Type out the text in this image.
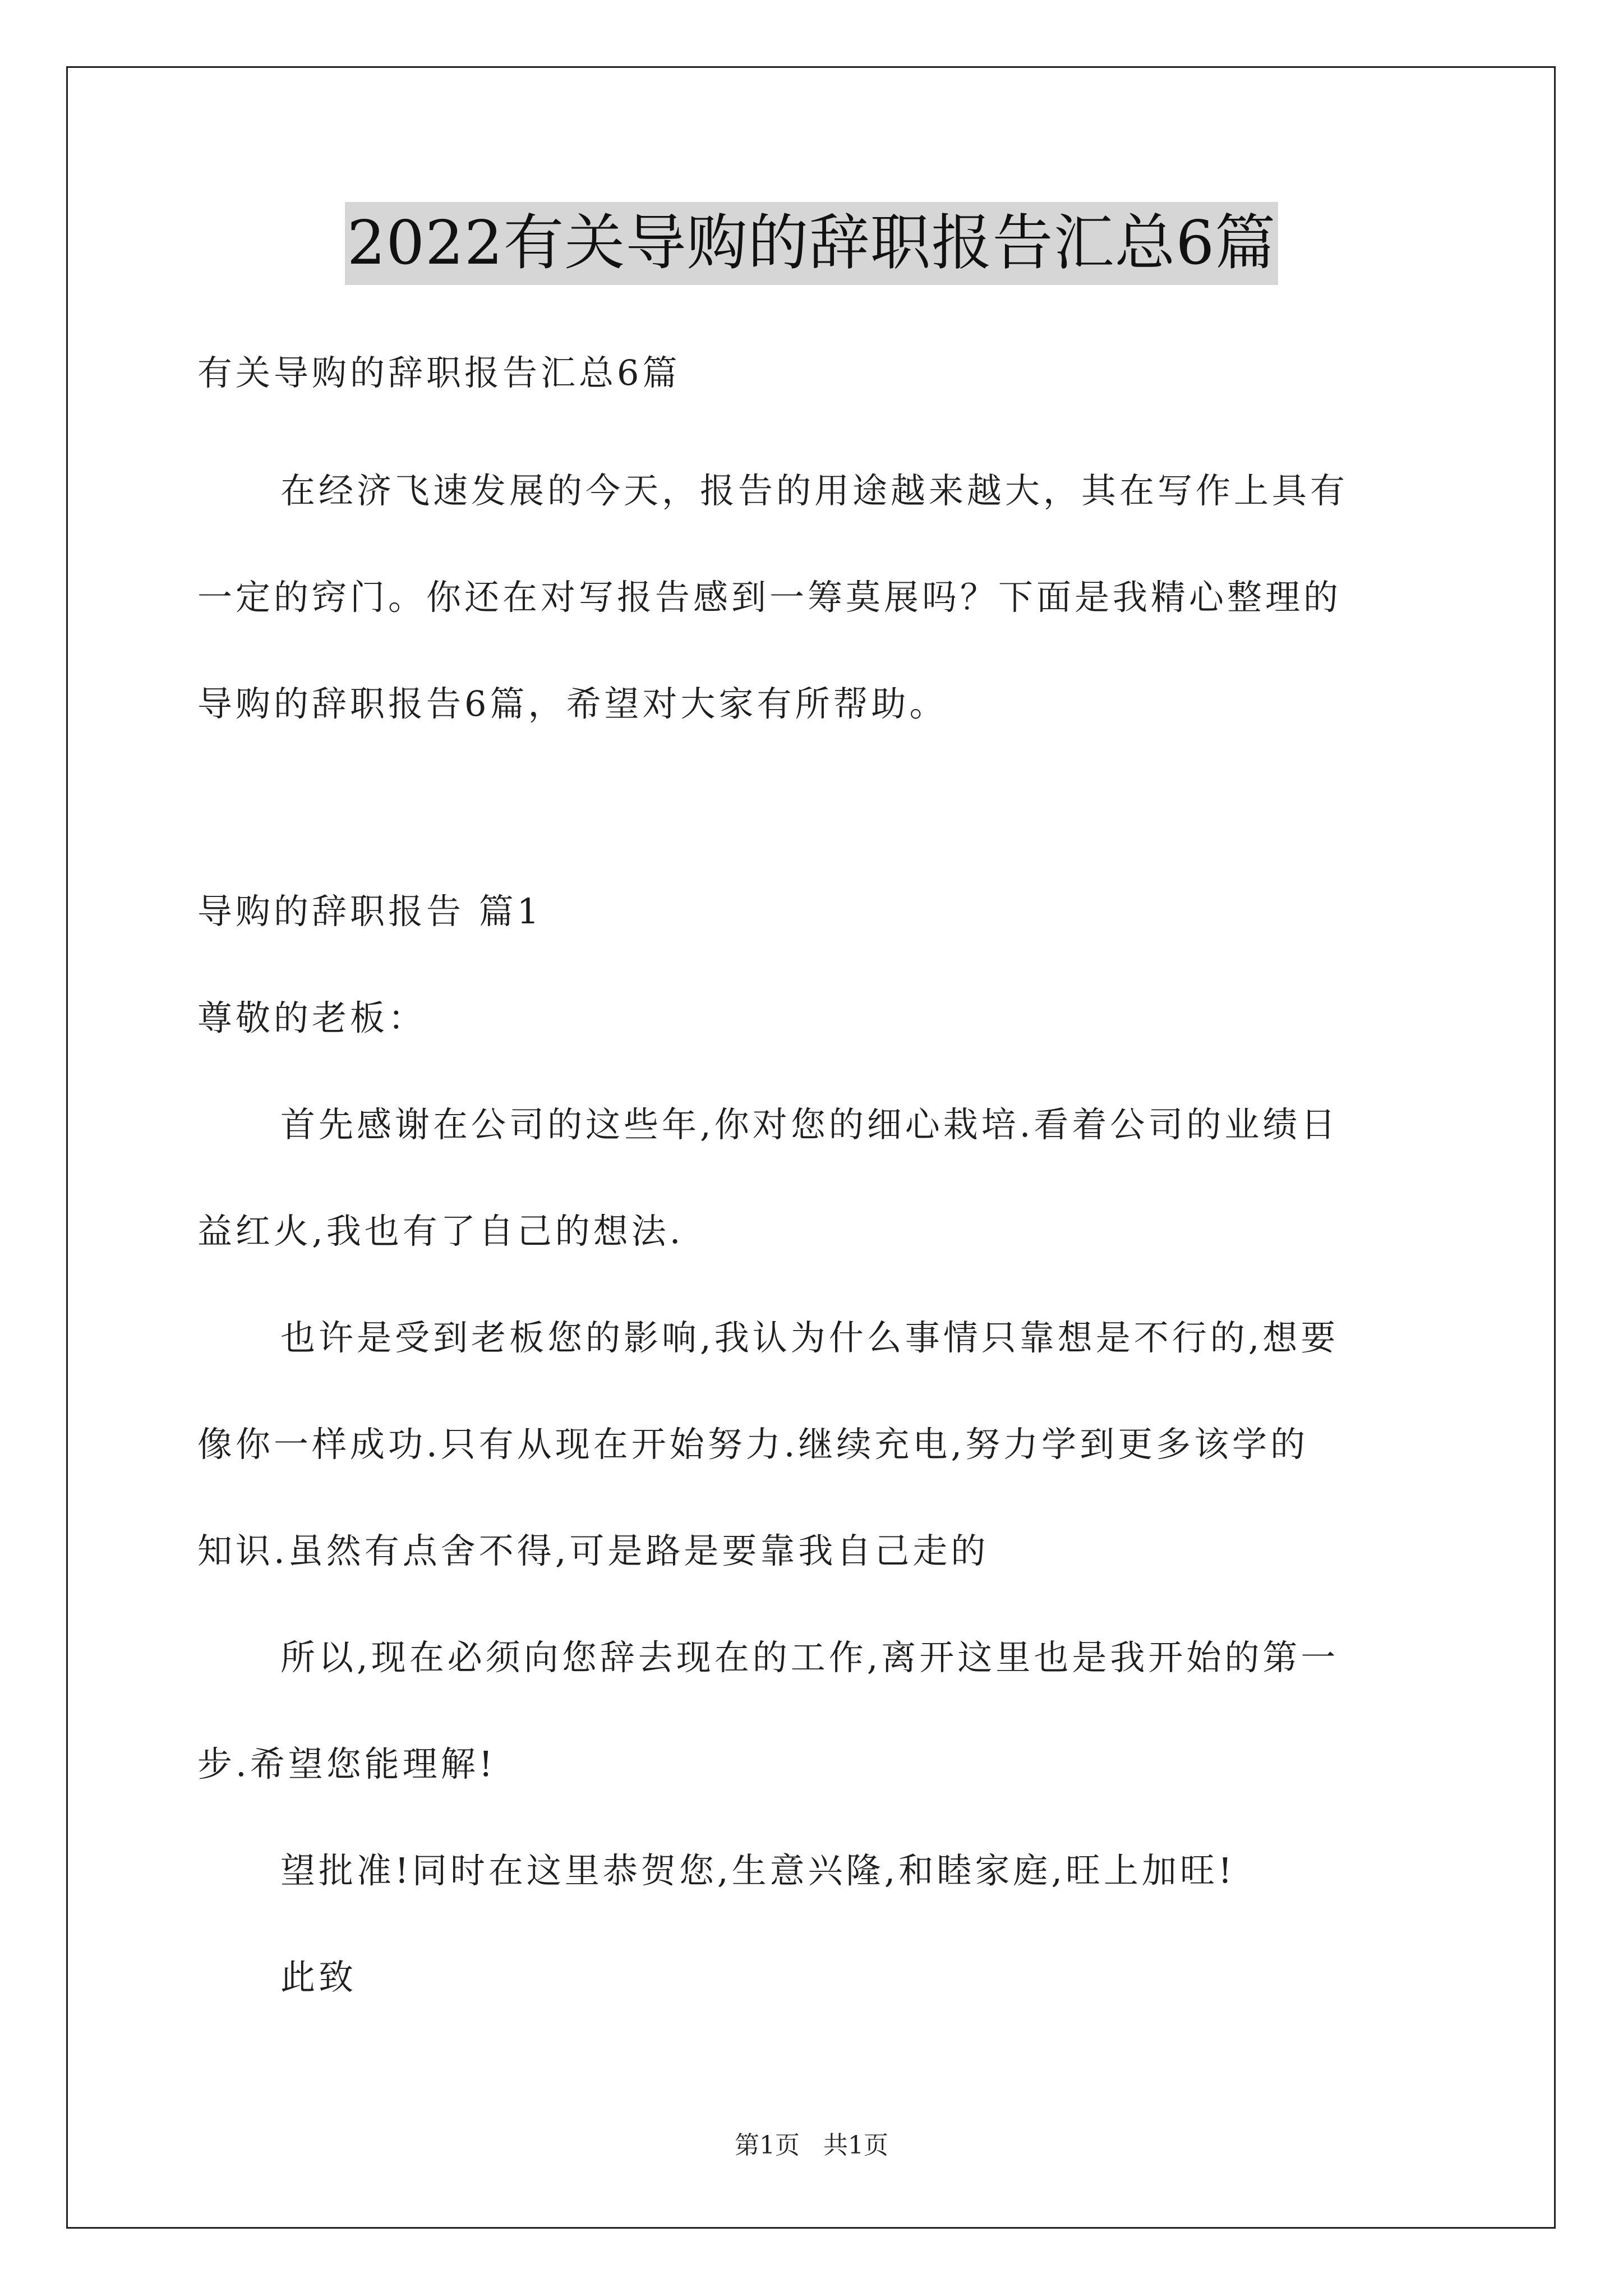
2022有关导购的辞职报告汇总6篇
有关导购的辞职报告汇总6篇
在经济飞速发展的今天，报告的用途越来越大，其在写作上具有
一定的窍门。你还在对写报告感到一筹莫展吗？下面是我精心整理的
导购的辞职报告6篇，希望对大家有所帮助。
导购的辞职报告 篇1
尊敬的老板：
首先感谢在公司的这些年,你对您的细心栽培.看着公司的业绩日
益红火,我也有了自己的想法.
也许是受到老板您的影响,我认为什么事情只靠想是不行的,想要
像你一样成功.只有从现在开始努力.继续充电,努力学到更多该学的
知识.虽然有点舍不得,可是路是要靠我自己走的
所以,现在必须向您辞去现在的工作,离开这里也是我开始的第一
步.希望您能理解!
望批准!同时在这里恭贺您,生意兴隆,和睦家庭,旺上加旺!
此致
第1页   共1页
